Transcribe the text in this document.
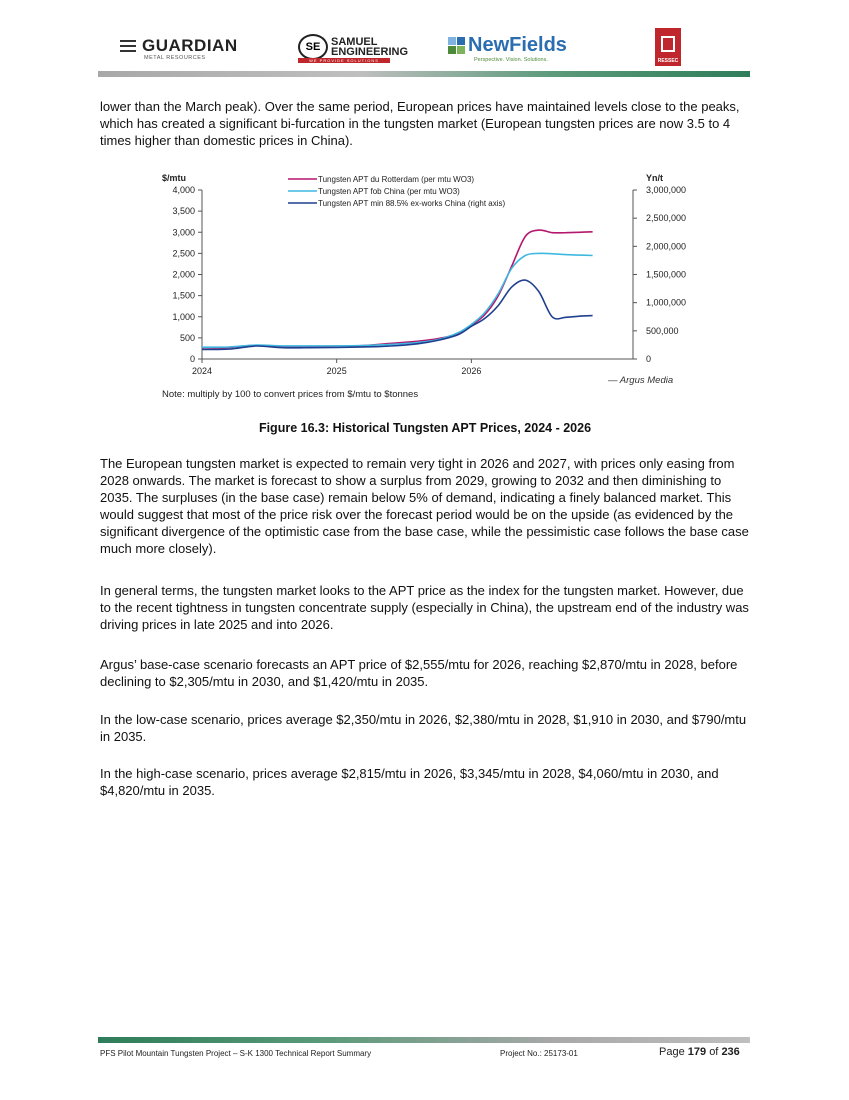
GUARDIAN
METAL RESOURCES
SE SAMUEL
ENGINEERING
WE PROVIDE SOLUTIONS
NewFields
Perspective. Vision. Solutions.	RESSEC
lower than the March peak). Over the same period, European prices have maintained levels close to the peaks, which has created a significant bi-furcation in the tungsten market (European tungsten prices are now 3.5 to 4 times higher than domestic prices in China).
0
500
1,000
1,500
2,000
2,500
3,000
3,500
4,000
0
500,000
1,000,000
1,500,000
2,000,000
2,500,000
3,000,000
2024	2025	2026
$/mtu	Yn/t
Tungsten APT du Rotterdam (per mtu WO3)
Tungsten APT fob China (per mtu WO3)
Tungsten APT min 88.5% ex-works China (right axis)
— Argus Media
Note: multiply by 100 to convert prices from $/mtu to $tonnes
Figure 16.3: Historical Tungsten APT Prices, 2024 - 2026
The European tungsten market is expected to remain very tight in 2026 and 2027, with prices only easing from 2028 onwards. The market is forecast to show a surplus from 2029, growing to 2032 and then diminishing to 2035. The surpluses (in the base case) remain below 5% of demand, indicating a finely balanced market. This would suggest that most of the price risk over the forecast period would be on the upside (as evidenced by the significant divergence of the optimistic case from the base case, while the pessimistic case follows the base case much more closely).
In general terms, the tungsten market looks to the APT price as the index for the tungsten market. However, due to the recent tightness in tungsten concentrate supply (especially in China), the upstream end of the industry was driving prices in late 2025 and into 2026.
Argus’ base-case scenario forecasts an APT price of $2,555/mtu for 2026, reaching $2,870/mtu in 2028, before declining to $2,305/mtu in 2030, and $1,420/mtu in 2035.
In the low-case scenario, prices average $2,350/mtu in 2026, $2,380/mtu in 2028, $1,910 in 2030, and $790/mtu in 2035.
In the high-case scenario, prices average $2,815/mtu in 2026, $3,345/mtu in 2028, $4,060/mtu in 2030, and $4,820/mtu in 2035.
PFS Pilot Mountain Tungsten Project – S-K 1300 Technical Report Summary	Project No.: 25173-01	Page 179 of 236
